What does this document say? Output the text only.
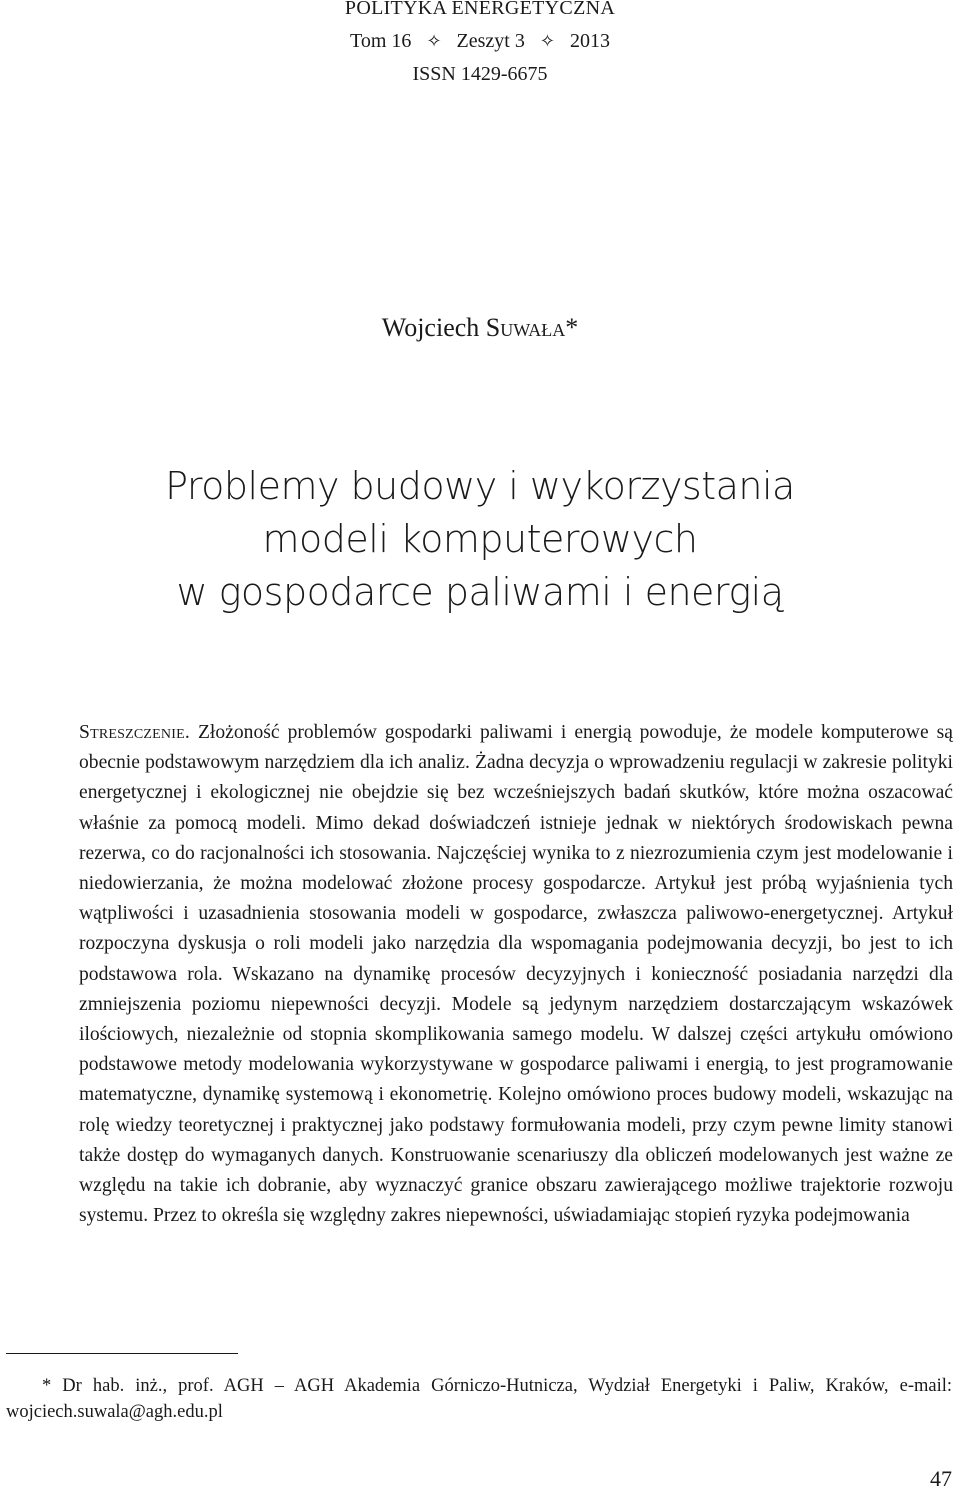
POLITYKA ENERGETYCZNA
Tom 16 ✧ Zeszyt 3 ✧ 2013
ISSN 1429-6675
Wojciech Suwała*
Problemy budowy i wykorzystania
modeli komputerowych
w gospodarce paliwami i energią
Streszczenie. Złożoność problemów gospodarki paliwami i energią powoduje, że modele komputerowe są obecnie podstawowym narzędziem dla ich analiz. Żadna decyzja o wprowadzeniu regulacji w zakresie polityki energetycznej i ekologicznej nie obejdzie się bez wcześniejszych badań skutków, które można oszacować właśnie za pomocą modeli. Mimo dekad doświadczeń istnieje jednak w niektórych środowiskach pewna rezerwa, co do racjonalności ich stosowania. Najczęściej wynika to z niezrozumienia czym jest modelowanie i niedowierzania, że można modelować złożone procesy gospodarcze. Artykuł jest próbą wyjaśnienia tych wątpliwości i uzasadnienia stosowania modeli w gospodarce, zwłaszcza paliwowo-energetycznej. Artykuł rozpoczyna dyskusja o roli modeli jako narzędzia dla wspomagania podejmowania decyzji, bo jest to ich podstawowa rola. Wskazano na dynamikę procesów decyzyjnych i konieczność posiadania narzędzi dla zmniejszenia poziomu niepewności decyzji. Modele są jedynym narzędziem dostarczającym wskazówek ilościowych, niezależnie od stopnia skomplikowania samego modelu. W dalszej części artykułu omówiono podstawowe metody modelowania wykorzystywane w gospodarce paliwami i energią, to jest programowanie matematyczne, dynamikę systemową i ekonometrię. Kolejno omówiono proces budowy modeli, wskazując na rolę wiedzy teoretycznej i praktycznej jako podstawy formułowania modeli, przy czym pewne limity stanowi także dostęp do wymaganych danych. Konstruowanie scenariuszy dla obliczeń modelowanych jest ważne ze względu na takie ich dobranie, aby wyznaczyć granice obszaru zawierającego możliwe trajektorie rozwoju systemu. Przez to określa się względny zakres niepewności, uświadamiając stopień ryzyka podejmowania
* Dr hab. inż., prof. AGH – AGH Akademia Górniczo-Hutnicza, Wydział Energetyki i Paliw, Kraków, e-mail: wojciech.suwala@agh.edu.pl
47
